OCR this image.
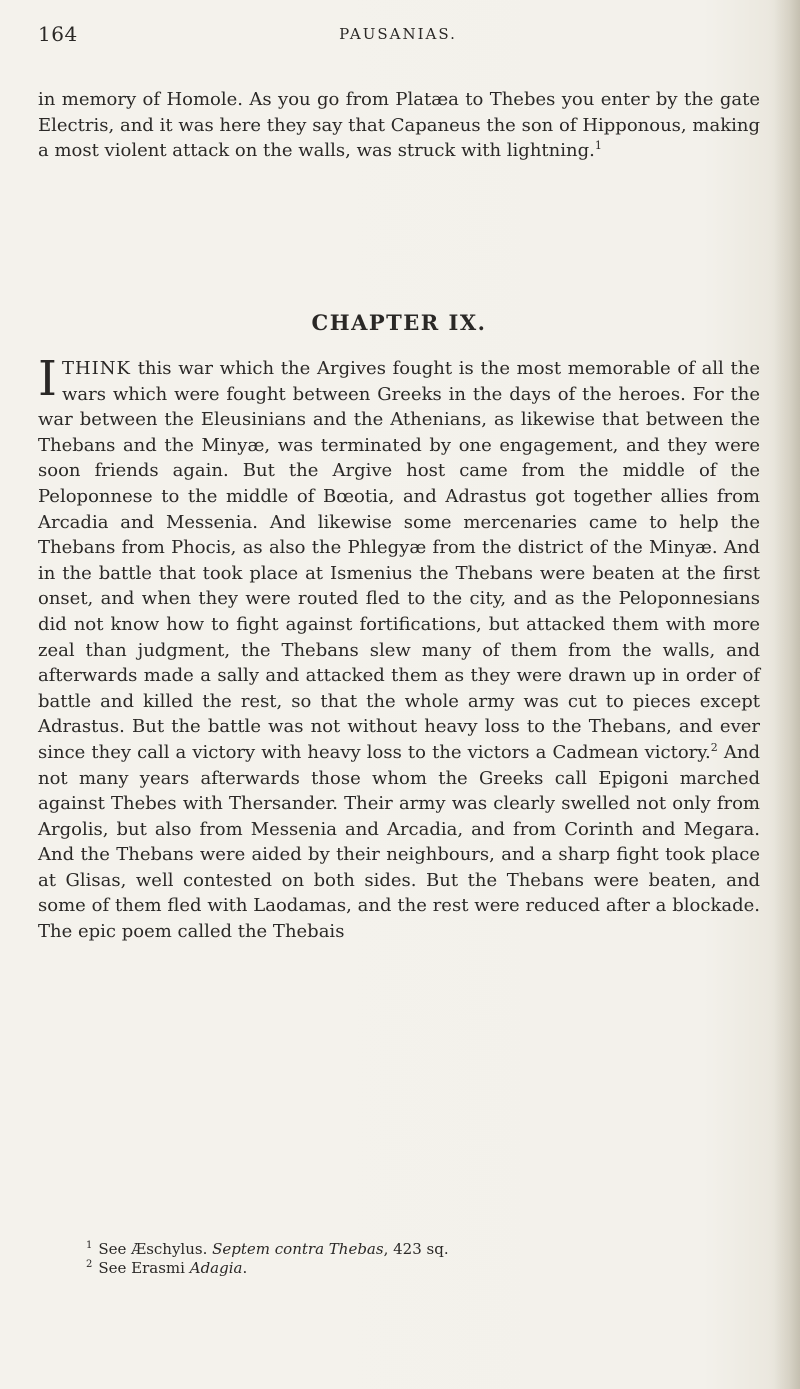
164	PAUSANIAS.

in memory of Homole. As you go from Platæa to Thebes you enter by the gate Electris, and it was here they say that Capaneus the son of Hipponous, making a most violent attack on the walls, was struck with lightning.$^1$

CHAPTER IX.

ITHINK this war which the Argives fought is the most memorable of all the wars which were fought between Greeks in the days of the heroes. For the war between the Eleusinians and the Athenians, as likewise that between the Thebans and the Minyæ, was terminated by one engagement, and they were soon friends again. But the Argive host came from the middle of the Peloponnese to the middle of Bœotia, and Adrastus got together allies from Arcadia and Messenia. And likewise some mercenaries came to help the Thebans from Phocis, as also the Phlegyæ from the district of the Minyæ. And in the battle that took place at Ismenius the Thebans were beaten at the first onset, and when they were routed fled to the city, and as the Peloponnesians did not know how to fight against fortifications, but attacked them with more zeal than judgment, the Thebans slew many of them from the walls, and afterwards made a sally and attacked them as they were drawn up in order of battle and killed the rest, so that the whole army was cut to pieces except Adrastus. But the battle was not without heavy loss to the Thebans, and ever since they call a victory with heavy loss to the victors a Cadmean victory.$^2$ And not many years afterwards those whom the Greeks call Epigoni marched against Thebes with Thersander. Their army was clearly swelled not only from Argolis, but also from Messenia and Arcadia, and from Corinth and Megara. And the Thebans were aided by their neighbours, and a sharp fight took place at Glisas, well contested on both sides. But the Thebans were beaten, and some of them fled with Laodamas, and the rest were reduced after a blockade. The epic poem called the Thebais

$^1$ See Æschylus. Septem contra Thebas, 423 sq.

$^2$ See Erasmi Adagia.
